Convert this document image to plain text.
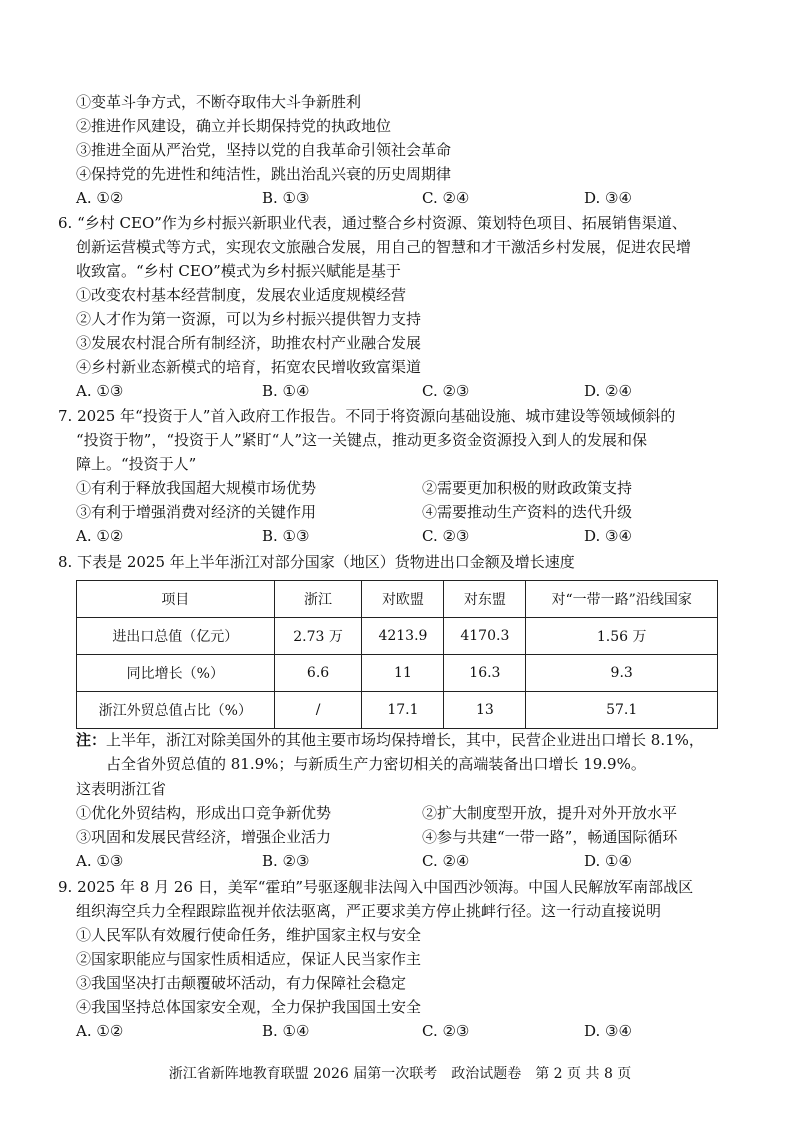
①变革斗争方式，不断夺取伟大斗争新胜利
②推进作风建设，确立并长期保持党的执政地位
③推进全面从严治党，坚持以党的自我革命引领社会革命
④保持党的先进性和纯洁性，跳出治乱兴衰的历史周期律
A. ①②	B. ①③	C. ②④	D. ③④
6. “乡村 CEO”作为乡村振兴新职业代表，通过整合乡村资源、策划特色项目、拓展销售渠道、
创新运营模式等方式，实现农文旅融合发展，用自己的智慧和才干激活乡村发展，促进农民增
收致富。“乡村 CEO”模式为乡村振兴赋能是基于
①改变农村基本经营制度，发展农业适度规模经营
②人才作为第一资源，可以为乡村振兴提供智力支持
③发展农村混合所有制经济，助推农村产业融合发展
④乡村新业态新模式的培育，拓宽农民增收致富渠道
A. ①③	B. ①④	C. ②③	D. ②④
7. 2025 年“投资于人”首入政府工作报告。不同于将资源向基础设施、城市建设等领域倾斜的
“投资于物”，“投资于人”紧盯“人”这一关键点，推动更多资金资源投入到人的发展和保
障上。“投资于人”
①有利于释放我国超大规模市场优势	②需要更加积极的财政政策支持
③有利于增强消费对经济的关键作用	④需要推动生产资料的迭代升级
A. ①②	B. ①③	C. ②③	D. ③④
8. 下表是 2025 年上半年浙江对部分国家（地区）货物进出口金额及增长速度
项目	浙江	对欧盟	对东盟	对“一带一路”沿线国家
进出口总值（亿元）	2.73 万	4213.9	4170.3	1.56 万
同比增长（%）	6.6	11	16.3	9.3
浙江外贸总值占比（%）	/	17.1	13	57.1
注：上半年，浙江对除美国外的其他主要市场均保持增长，其中，民营企业进出口增长 8.1%，
占全省外贸总值的 81.9%；与新质生产力密切相关的高端装备出口增长 19.9%。
这表明浙江省
①优化外贸结构，形成出口竞争新优势	②扩大制度型开放，提升对外开放水平
③巩固和发展民营经济，增强企业活力	④参与共建“一带一路”，畅通国际循环
A. ①③	B. ②③	C. ②④	D. ①④
9. 2025 年 8 月 26 日，美军“霍珀”号驱逐舰非法闯入中国西沙领海。中国人民解放军南部战区
组织海空兵力全程跟踪监视并依法驱离，严正要求美方停止挑衅行径。这一行动直接说明
①人民军队有效履行使命任务，维护国家主权与安全
②国家职能应与国家性质相适应，保证人民当家作主
③我国坚决打击颠覆破坏活动，有力保障社会稳定
④我国坚持总体国家安全观，全力保护我国国土安全
A. ①②	B. ①④	C. ②③	D. ③④
浙江省新阵地教育联盟 2026 届第一次联考　政治试题卷　第 2 页 共 8 页
